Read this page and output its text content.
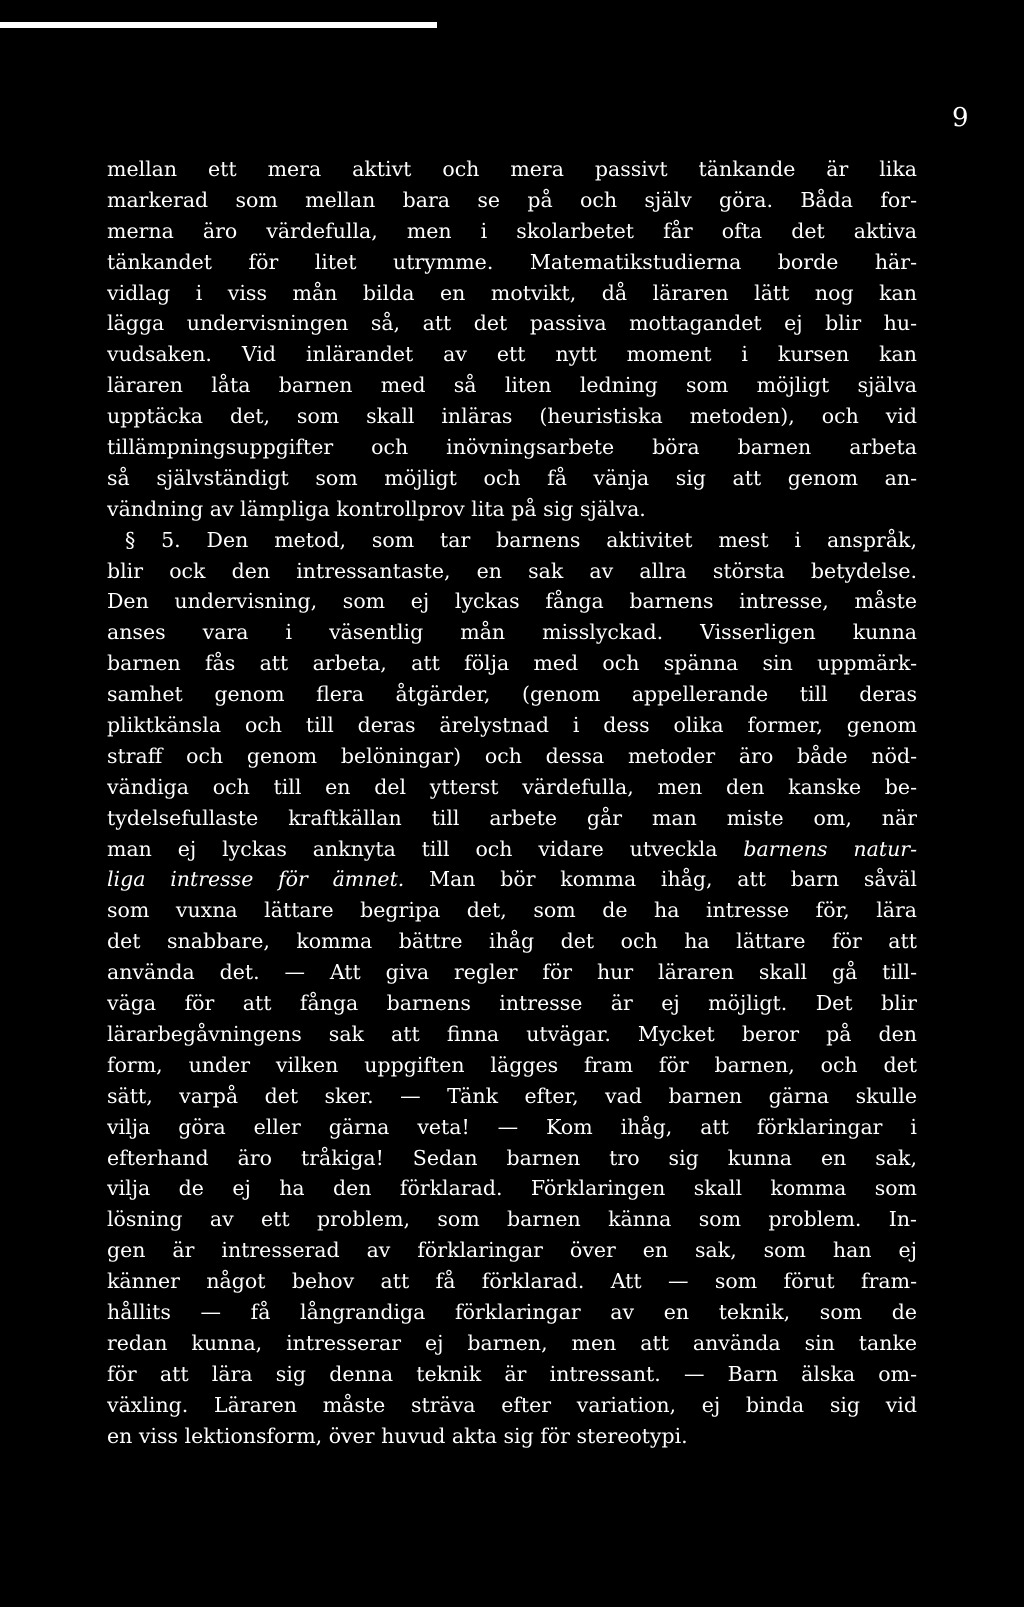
9
mellan ett mera aktivt och mera passivt tänkande är lika
markerad som mellan bara se på och själv göra. Båda for-
merna äro värdefulla, men i skolarbetet får ofta det aktiva
tänkandet för litet utrymme. Matematikstudierna borde här-
vidlag i viss mån bilda en motvikt, då läraren lätt nog kan
lägga undervisningen så, att det passiva mottagandet ej blir hu-
vudsaken. Vid inlärandet av ett nytt moment i kursen kan
läraren låta barnen med så liten ledning som möjligt själva
upptäcka det, som skall inläras (heuristiska metoden), och vid
tillämpningsuppgifter och inövningsarbete böra barnen arbeta
så självständigt som möjligt och få vänja sig att genom an-
vändning av lämpliga kontrollprov lita på sig själva.
§ 5. Den metod, som tar barnens aktivitet mest i anspråk,
blir ock den intressantaste, en sak av allra största betydelse.
Den undervisning, som ej lyckas fånga barnens intresse, måste
anses vara i väsentlig mån misslyckad. Visserligen kunna
barnen fås att arbeta, att följa med och spänna sin uppmärk-
samhet genom flera åtgärder, (genom appellerande till deras
pliktkänsla och till deras ärelystnad i dess olika former, genom
straff och genom belöningar) och dessa metoder äro både nöd-
vändiga och till en del ytterst värdefulla, men den kanske be-
tydelsefullaste kraftkällan till arbete går man miste om, när
man ej lyckas anknyta till och vidare utveckla barnens natur-
liga intresse för ämnet. Man bör komma ihåg, att barn såväl
som vuxna lättare begripa det, som de ha intresse för, lära
det snabbare, komma bättre ihåg det och ha lättare för att
använda det. — Att giva regler för hur läraren skall gå till-
väga för att fånga barnens intresse är ej möjligt. Det blir
lärarbegåvningens sak att finna utvägar. Mycket beror på den
form, under vilken uppgiften lägges fram för barnen, och det
sätt, varpå det sker. — Tänk efter, vad barnen gärna skulle
vilja göra eller gärna veta! — Kom ihåg, att förklaringar i
efterhand äro tråkiga! Sedan barnen tro sig kunna en sak,
vilja de ej ha den förklarad. Förklaringen skall komma som
lösning av ett problem, som barnen känna som problem. In-
gen är intresserad av förklaringar över en sak, som han ej
känner något behov att få förklarad. Att — som förut fram-
hållits — få långrandiga förklaringar av en teknik, som de
redan kunna, intresserar ej barnen, men att använda sin tanke
för att lära sig denna teknik är intressant. — Barn älska om-
växling. Läraren måste sträva efter variation, ej binda sig vid
en viss lektionsform, över huvud akta sig för stereotypi.
